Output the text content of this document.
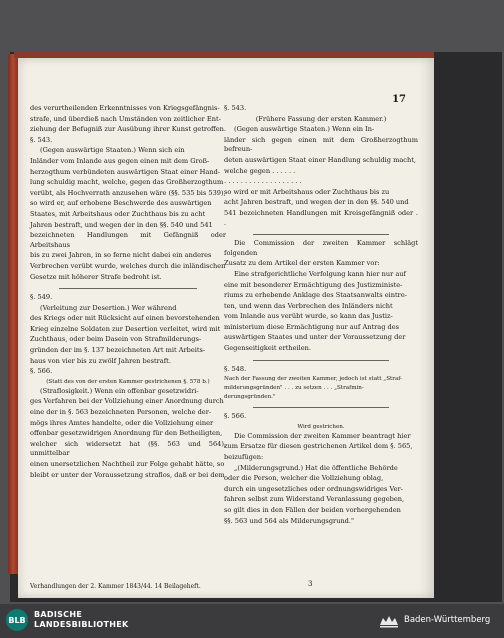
17

des verurtheilenden Erkenntnisses von Kriegsgefängnis-

strafe, und überdieß nach Umständen von zeitlicher Ent-

ziehung der Befugniß zur Ausübung ihrer Kunst getroffen.

§. 543.

(Gegen auswärtige Staaten.) Wenn sich ein

Inländer vom Inlande aus gegen einen mit dem Groß-

herzogthum verbündeten auswärtigen Staat einer Hand-

lung schuldig macht, welche, gegen das Großherzogthum

verübt, als Hochverrath anzusehen wäre (§§. 535 bis 539),

so wird er, auf erhobene Beschwerde des auswärtigen

Staates, mit Arbeitshaus oder Zuchthaus bis zu acht

Jahren bestraft, und wegen der in den §§. 540 und 541

bezeichneten Handlungen mit Gefängniß oder Arbeitshaus

bis zu zwei Jahren, in so ferne nicht dabei ein anderes

Verbrechen verübt wurde, welches durch die inländischen

Gesetze mit höherer Strafe bedroht ist.

§. 549.

(Verleitung zur Desertion.) Wer während

des Kriegs oder mit Rücksicht auf einen bevorstehenden

Krieg einzelne Soldaten zur Desertion verleitet, wird mit

Zuchthaus, oder beim Dasein von Strafmilderungs-

gründen der im §. 137 bezeichneten Art mit Arbeits-

haus von vier bis zu zwölf Jahren bestraft.

§. 566.

(Statt des von der ersten Kammer gestrichenen §. 578 b.)

(Straflosigkeit.) Wenn ein offenbar gesetzwidri-

ges Verfahren bei der Vollziehung einer Anordnung durch

eine der in §. 563 bezeichneten Personen, welche der-

mögs ihres Amtes handelte, oder die Vollziehung einer

offenbar gesetzwidrigen Anordnung für den Betheiligten,

welcher sich widersetzt hat (§§. 563 und 564), unmittelbar

einen unersetzlichen Nachtheil zur Folge gehabt hätte, so

bleibt er unter der Voraussetzung straflos, daß er bei dem

§. 543.

(Frühere Fassung der ersten Kammer.)

(Gegen auswärtige Staaten.) Wenn ein In-

länder sich gegen einen mit dem Großherzogthum befreun-

deten auswärtigen Staat einer Handlung schuldig macht,

welche gegen . . . . . .

. . . . . . . . . . . . . . . . . . .

so wird er mit Arbeitshaus oder Zuchthaus bis zu

acht Jahren bestraft, und wegen der in den §§. 540 und

541 bezeichneten Handlungen mit Kreisgefängniß oder . .

Die Commission der zweiten Kammer schlägt folgenden

Zusatz zu dem Artikel der ersten Kammer vor:

Eine strafgerichtliche Verfolgung kann hier nur auf

eine mit besonderer Ermächtigung des Justizministe-

riums zu erhebende Anklage des Staatsanwalts eintre-

ten, und wenn das Verbrechen des Inländers nicht

vom Inlande aus verübt wurde, so kann das Justiz-

ministerium diese Ermächtigung nur auf Antrag des

auswärtigen Staates und unter der Voraussetzung der

Gegenseitigkeit ertheilen.

§. 548.

Nach der Fassung der zweiten Kammer, jedoch ist statt „Straf-

milderungsgründen" . . . zu setzen . . . „Strafmin-

derungsgründen."

§. 566.

Wird gestrichen.

Die Commission der zweiten Kammer beantragt hier

zum Ersatze für diesen gestrichenen Artikel dem §. 565,

beizufügen:

„(Milderungsgrund.) Hat die öffentliche Behörde

oder die Person, welcher die Vollziehung oblag,

durch ein ungesetzliches oder ordnungswidriges Ver-

fahren selbst zum Widerstand Veranlassung gegeben,

so gilt dies in den Fällen der beiden vorhergehenden

§§. 563 und 564 als Milderungsgrund."

Verhandlungen der 2. Kammer 1843/44. 14 Beilageheft.	3
BLB
BADISCHE
LANDESBIBLIOTHEK	Baden-Württemberg
